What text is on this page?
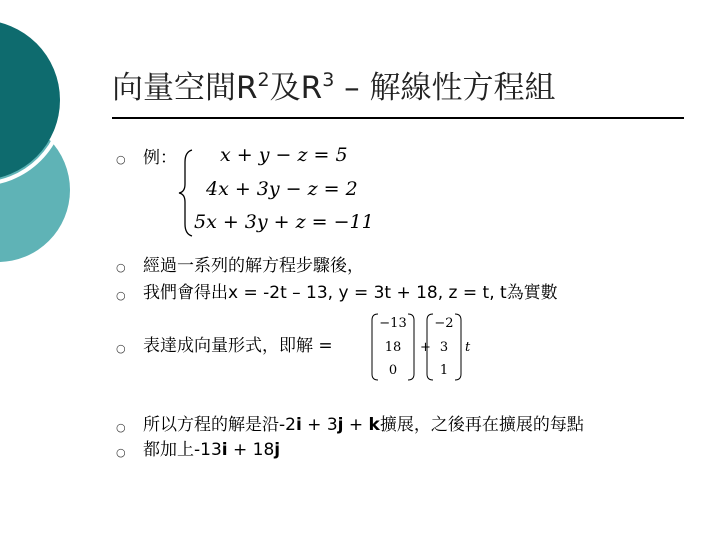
向量空間$R^2$及$R^3$ – 解線性方程組
○ 例： x + y − z = 5
4x + 3y − z = 2
5x + 3y + z = −11
○ 經過一系列的解方程步驟後，
○ 我們會得出x = -2t – 13, y = 3t + 18, z = t, t為實數
○ 表達成向量形式，即解 =
−13
18
0
+
−2
3
1
t
○ 所以方程的解是沿-2i + 3j + k擴展，之後再在擴展的每點
○ 都加上-13i + 18j
